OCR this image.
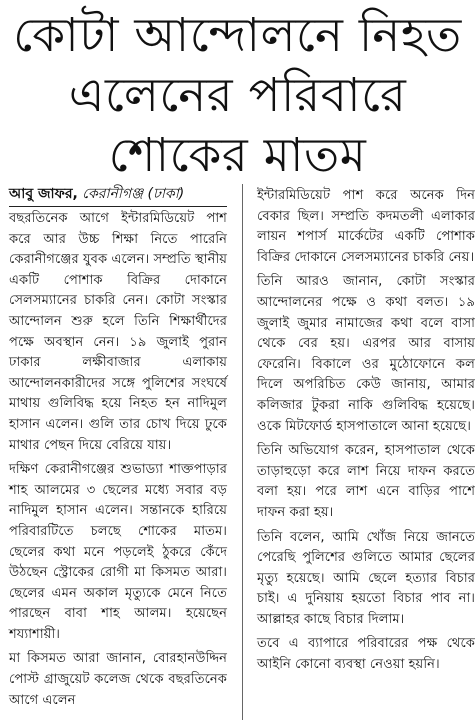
কোটা আন্দোলনে নিহত
এলেনের পরিবারে
শোকের মাতম
আবু জাফর, কেরানীগঞ্জ (ঢাকা)

বছরতিনেক আগে ইন্টারমিডিয়েট পাশ করে আর উচ্চ শিক্ষা নিতে পারেনি কেরানীগঞ্জের যুবক এলেন। সম্প্রতি স্থানীয় একটি পোশাক বিক্রির দোকানে সেলসম্যানের চাকরি নেন। কোটা সংস্কার আন্দোলন শুরু হলে তিনি শিক্ষার্থীদের পক্ষে অবস্থান নেন। ১৯ জুলাই পুরান ঢাকার লক্ষীবাজার এলাকায় আন্দোলনকারীদের সঙ্গে পুলিশের সংঘর্ষে মাথায় গুলিবিদ্ধ হয়ে নিহত হন নাদিমুল হাসান এলেন। গুলি তার চোখ দিয়ে ঢুকে মাথার পেছন দিয়ে বেরিয়ে যায়।

দক্ষিণ কেরানীগঞ্জের শুভাড্যা শাক্তপাড়ার শাহ আলমের ৩ ছেলের মধ্যে সবার বড় নাদিমুল হাসান এলেন। সন্তানকে হারিয়ে পরিবারটিতে চলছে শোকের মাতম। ছেলের কথা মনে পড়লেই ঠুকরে কেঁদে উঠছেন স্ট্রোকের রোগী মা কিসমত আরা। ছেলের এমন অকাল মৃত্যুকে মেনে নিতে পারছেন বাবা শাহ আলম। হয়েছেন শয্যাশায়ী।

মা কিসমত আরা জানান, বোরহানউদ্দিন পোস্ট গ্রাজুয়েট কলেজ থেকে বছরতিনেক আগে এলেন

ইন্টারমিডিয়েট পাশ করে অনেক দিন বেকার ছিল। সম্প্রতি কদমতলী এলাকার লায়ন শপার্স মার্কেটের একটি পোশাক বিক্রির দোকানে সেলসম্যানের চাকরি নেয়।

তিনি আরও জানান, কোটা সংস্কার আন্দোলনের পক্ষে ও কথা বলত। ১৯ জুলাই জুমার নামাজের কথা বলে বাসা থেকে বের হয়। এরপর আর বাসায় ফেরেনি। বিকালে ওর মুঠোফোনে কল দিলে অপরিচিত কেউ জানায়, আমার কলিজার টুকরা নাকি গুলিবিদ্ধ হয়েছে। ওকে মিটফোর্ড হাসপাতালে আনা হয়েছে।

তিনি অভিযোগ করেন, হাসপাতাল থেকে তাড়াহুড়ো করে লাশ নিয়ে দাফন করতে বলা হয়। পরে লাশ এনে বাড়ির পাশে দাফন করা হয়।

তিনি বলেন, আমি খোঁজ নিয়ে জানতে পেরেছি পুলিশের গুলিতে আমার ছেলের মৃত্যু হয়েছে। আমি ছেলে হত্যার বিচার চাই। এ দুনিয়ায় হয়তো বিচার পাব না। আল্লাহর কাছে বিচার দিলাম।

তবে এ ব্যাপারে পরিবারের পক্ষ থেকে আইনি কোনো ব্যবস্থা নেওয়া হয়নি।
